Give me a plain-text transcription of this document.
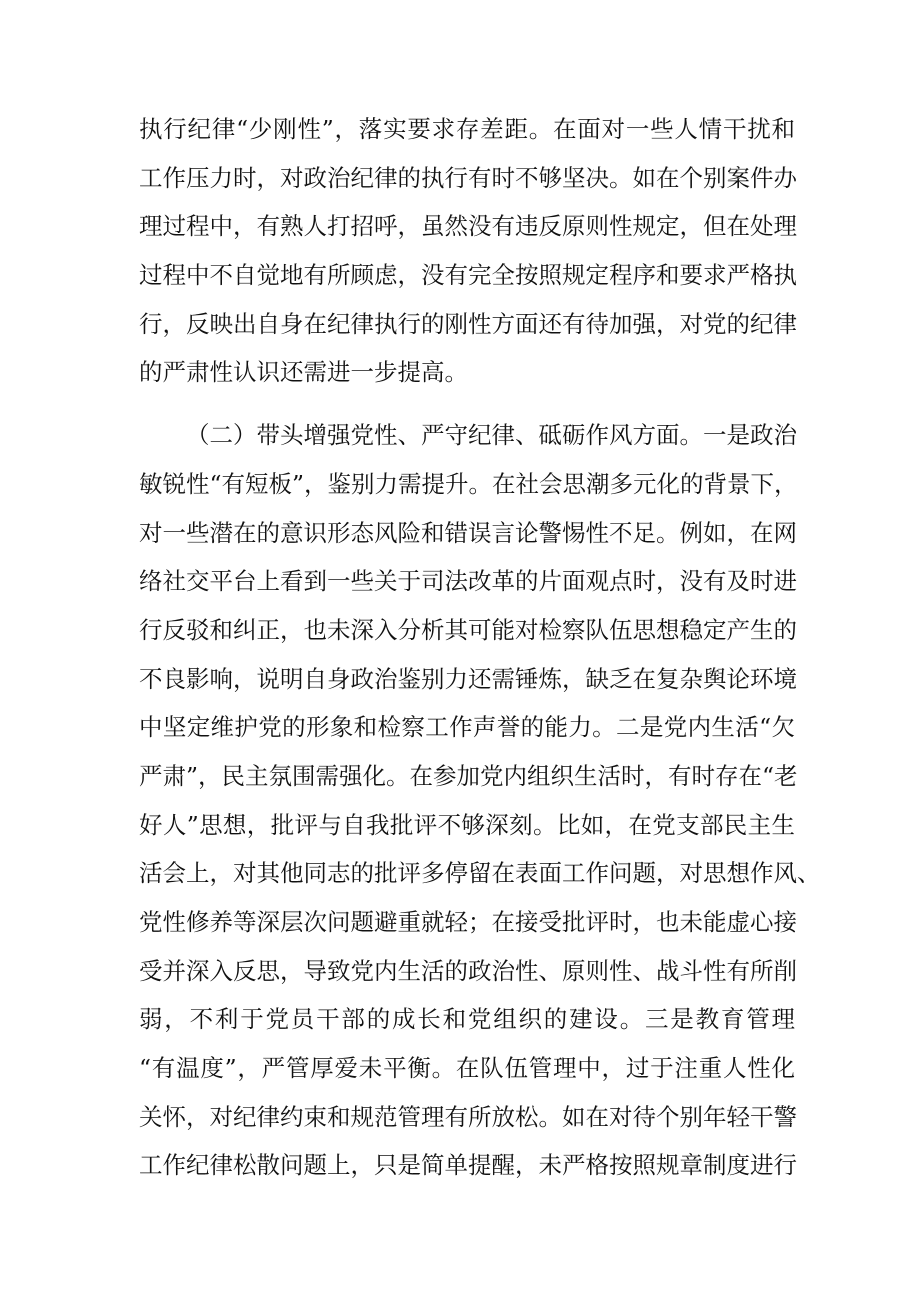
执行纪律“少刚性”，落实要求存差距。在面对一些人情干扰和
工作压力时，对政治纪律的执行有时不够坚决。如在个别案件办
理过程中，有熟人打招呼，虽然没有违反原则性规定，但在处理
过程中不自觉地有所顾虑，没有完全按照规定程序和要求严格执
行，反映出自身在纪律执行的刚性方面还有待加强，对党的纪律
的严肃性认识还需进一步提高。
（二）带头增强党性、严守纪律、砥砺作风方面。一是政治
敏锐性“有短板”，鉴别力需提升。在社会思潮多元化的背景下，
对一些潜在的意识形态风险和错误言论警惕性不足。例如，在网
络社交平台上看到一些关于司法改革的片面观点时，没有及时进
行反驳和纠正，也未深入分析其可能对检察队伍思想稳定产生的
不良影响，说明自身政治鉴别力还需锤炼，缺乏在复杂舆论环境
中坚定维护党的形象和检察工作声誉的能力。二是党内生活“欠
严肃”，民主氛围需强化。在参加党内组织生活时，有时存在“老
好人”思想，批评与自我批评不够深刻。比如，在党支部民主生
活会上，对其他同志的批评多停留在表面工作问题，对思想作风、
党性修养等深层次问题避重就轻；在接受批评时，也未能虚心接
受并深入反思，导致党内生活的政治性、原则性、战斗性有所削
弱，不利于党员干部的成长和党组织的建设。三是教育管理
“有温度”，严管厚爱未平衡。在队伍管理中，过于注重人性化
关怀，对纪律约束和规范管理有所放松。如在对待个别年轻干警
工作纪律松散问题上，只是简单提醒，未严格按照规章制度进行
